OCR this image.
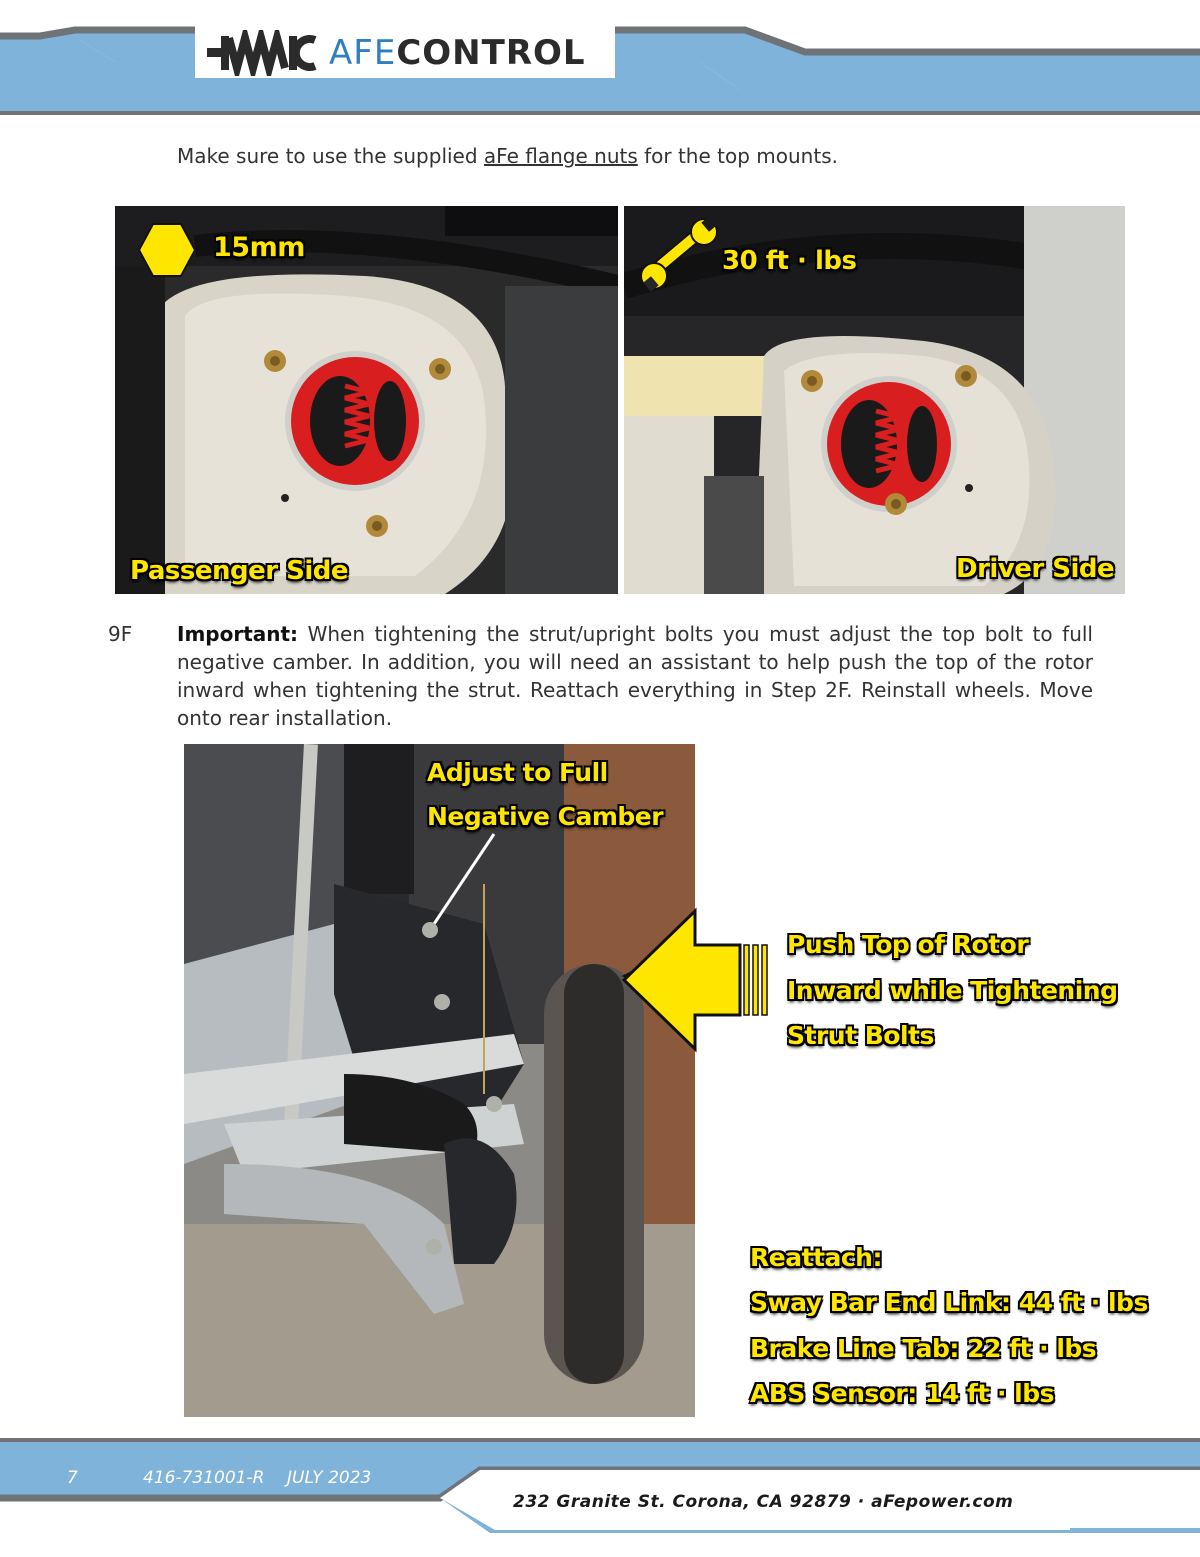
AFECONTROL
Make sure to use the supplied aFe flange nuts for the top mounts.
15mm
Passenger Side
30 ft · lbs
Driver Side
9F Important: When tightening the strut/upright bolts you must adjust the top bolt to full negative camber. In addition, you will need an assistant to help push the top of the rotor inward when tightening the strut. Reattach everything in Step 2F. Reinstall wheels. Move onto rear installation.
Adjust to Full
Negative Camber
Push Top of Rotor
Inward while Tightening
Strut Bolts
Reattach:
Sway Bar End Link: 44 ft · lbs
Brake Line Tab: 22 ft · lbs
ABS Sensor: 14 ft · lbs
7	416-731001-R JULY 2023
232 Granite St. Corona, CA 92879 · aFepower.com
